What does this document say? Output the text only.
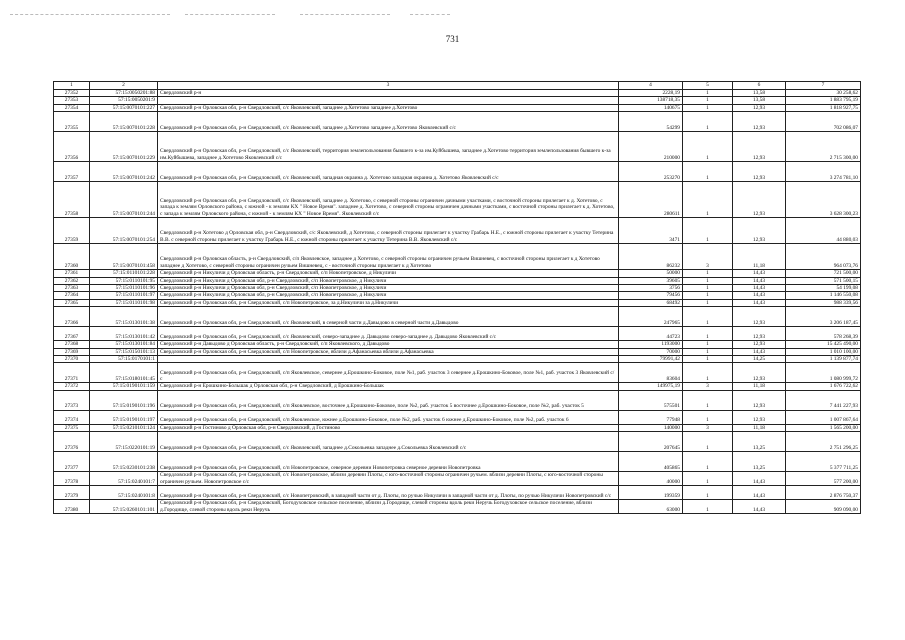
731
1	2	3	4	5	6	7
27352	57:15:0050201:88	Свердловский р-н	2228,19	1	13,58	30 258,62
27353	57:15:0050201:9		138718,35	1	13,58	1 883 795,19
27354	57:15:0070101:227	Свердловский р-н Орловская обл, р-н Свердловский, с/с Яковлевский, западнее д.Хотетово западнее д.Хотетово	140675	1	12,93	1 818 927,75
27355	57:15:0070101:228	Свердловский р-н Орловская обл, р-н Свердловский, с/с Яковлевский, западнее д.Хотетово западнее д.Хотетово Яковлевский с/с	54299	1	12,93	702 086,07
27356	57:15:0070101:229	Свердловский р-н Орловская обл, р-н Свердловский, с/с Яковлевский, территория землепользования бывшего к-за им.Куйбышева, западнее д.Хотетово территория землепользования бывшего к-за им.Куйбышева, западнее д.Хотетово Яковлевский с/с	210000	1	12,93	2 715 300,00
27357	57:15:0070101:242	Свердловский р-н Орловская обл, р-н Свердловский, с/с Яковлевский, западная окраина д. Хотетово западная окраина д. Хотетово Яковлевский с/с	253270	1	12,93	3 274 781,10
27358	57:15:0070101:244	Свердловский р-н Орловская обл, р-н Свердловский, с/с Яковлевский, западнее д. Хотетово, с северной стороны ограничен дачными участками, с восточной стороны прилегает к д. Хотетово, с запада к землям Орловского района, с южной - к землям КХ " Новое Время". западнее д. Хотетово, с северной стороны ограничен дачными участками, с восточной стороны прилегает к д. Хотетово, с запада к землям Орловского района, с южной - к землям КХ " Новое Время". Яковлевский с/с	280611	1	12,93	3 628 300,23
27359	57:15:0070101:254	Свердловский р-н Хотетово д Орловская обл, р-н Свердловский, с/с Яковлевский, д Хотетово, с северной стороны прилегает к участку Грабарь Н.Е., с южной стороны прилегает к участку Тетерина В.В. с северной стороны прилегает к участку Грабарь Н.Е., с южной стороны прилегает к участку Тетерина В.В. Яковлевский с/с	3471	1	12,93	44 880,03
27360	57:15:0070101:458	Свердловский р-н Орловская область, р-н Свердловский, с/п Яковлевское, западнее д Хотетово, с северной стороны ограничен ручьем Вишневец, с восточной стороны прилегает к д Хотетово западнее д Хотетово, с северной стороны ограничен ручьем Вишневец, с - восточной стороны прилегает к д Хотетово	86232	3	11,18	964 073,76
27361	57:15:0110101:228	Свердловский р-н Никуличи д Орловская область, р-н Свердловский, с/п Новопетровское, д Никуличи	50000	1	14,43	721 500,00
27362	57:15:0110101:95	Свердловский р-н Никуличи д Орловская обл, р-н Свердловский, с/п Новопетровское, д Никуличи	39605	1	14,43	571 500,15
27363	57:15:0110101:96	Свердловский р-н Никуличи д Орловская обл, р-н Свердловский, с/п Новопетровское, д Никуличи	3756	1	14,43	54 199,08
27364	57:15:0110101:97	Свердловский р-н Никуличи д Орловская обл, р-н Свердловский, с/п Новопетровское, д Никуличи	79456	1	14,43	1 146 550,08
27365	57:15:0110101:98	Свердловский р-н Орловская обл, р-н Свердловский, с/п Новопетровское, за д.Никуличи за д.Никуличи	68492	1	14,43	988 339,56
27366	57:15:0130101:38	Свердловский р-н Орловская обл, р-н Свердловский, с/с Яковлевский, в северной части д.Давыдово в северной части д.Давыдово	247965	1	12,93	3 206 187,45
27367	57:15:0130101:42	Свердловский р-н Орловская обл, р-н Свердловский, с/с Яковлевский, северо-западнее д. Давыдово северо-западнее д. Давыдово Яковлевский с/с	44723	1	12,93	578 268,39
27368	57:15:0130101:84	Свердловский р-н Давыдово д Орловская область, р-н Свердловский, с/п Яковлевского, д Давыдово	1193000	1	12,93	15 425 490,00
27369	57:15:0150101:13	Свердловский р-н Орловская обл, р-н Свердловский, с/п Новопетровское, вблизи д.Афанасьевка вблизи д.Афанасьевка	70000	1	14,43	1 010 100,00
27370	57:15:0170101:1		79991,42	1	14,25	1 139 877,74
27371	57:15:0180101:45	Свердловский р-н Орловская обл, р-н Свердловский, с/п Яковлевское, севернее д.Ерошкино-Боковое, поле №1, раб. участок 3 севернее д.Ерошкино-Боковое, поле №1, раб. участок 3 Яковлевский с/с	83604	1	12,93	1 080 999,72
27372	57:15:0190101:159	Свердловский р-н Ерошкино-Большак д Орловская обл, р-н Свердловский, д Ерошкино-Большак	149975,19	3	11,18	1 676 722,62
27373	57:15:0190101:196	Свердловский р-н Орловская обл, р-н Свердловский, с/п Яковлевское, восточнее д.Ерошкино-Боковое, поле №2, раб. участок 5 восточнее д.Ерошкино-Боковое, поле №2, раб. участок 5	575501	1	12,93	7 441 227,93
27374	57:15:0190101:197	Свердловский р-н Орловская обл, р-н Свердловский, с/п Яковлевское, южнее д.Ерошкино-Боковое, поле №2, раб. участок 6 южнее д.Ерошкино-Боковое, поле №2, раб. участок 6	77948	1	12,93	1 007 867,64
27375	57:15:0210101:124	Свердловский р-н Гостиново д Орловская обл, р-н Свердловский, д Гостиново	140000	3	11,18	1 565 200,00
27376	57:15:0220101:19	Свердловский р-н Орловская обл, р-н Свердловский, с/с Яковлевский, западнее д.Сокольевка западнее д.Сокольевка Яковлевский с/с	207645	1	13,25	2 751 296,25
27377	57:15:0230101:238	Свердловский р-н Орловская обл, р-н Свердловский, с/п Новопетровское, северное деревни Новопетровка северное деревни Новопетровка	405865	1	13,25	5 377 711,25
27378	57:15:0240101:7	Свердловский р-н Орловская обл, р-н Свердловский, с/с Новопетровское, вблизи деревни Плоты, с юго-восточной стороны ограничен ручьем. вблизи деревни Плоты, с юго-восточной стороны ограничен ручьем. Новопетровское с/с	40000	1	14,43	577 200,00
27379	57:15:0240101:8	Свердловский р-н Орловская обл, р-н Свердловский, с/с Новопетровский, в западной части от д. Плоты, по ручью Никуличи в западной части от д. Плоты, по ручью Никуличи Новопетровский с/с	199359	1	14,43	2 876 750,37
27380	57:15:0260101:101	Свердловский р-н Орловская обл, р-н Свердловский, Богодуховское сельское поселение, вблизи д.Городище, слевой стороны вдоль реки Неручь Богодуховское сельское поселение, вблизи д.Городище, слевой стороны вдоль реки Неручь	63000	1	14,43	909 090,00
